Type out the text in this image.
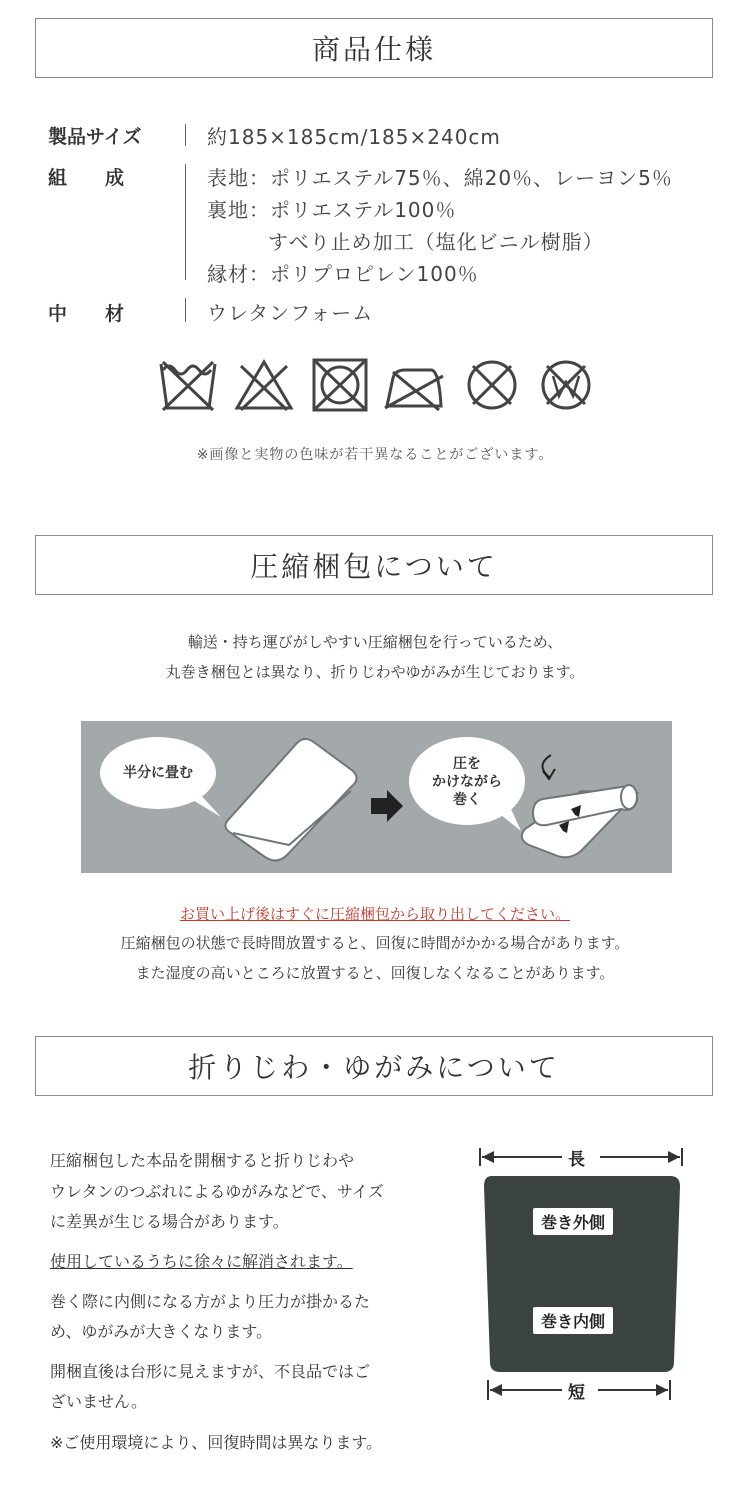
商品仕様
製品サイズ	約185×185cm/185×240cm
組　　成	表地：ポリエステル75％、綿20％、レーヨン5％
裏地：ポリエステル100％
すべり止め加工（塩化ビニル樹脂）
縁材：ポリプロピレン100％
中　　材	ウレタンフォーム
※画像と実物の色味が若干異なることがございます。
圧縮梱包について
輸送・持ち運びがしやすい圧縮梱包を行っているため、
丸巻き梱包とは異なり、折りじわやゆがみが生じております。
半分に畳む
圧を
かけながら
巻く
お買い上げ後はすぐに圧縮梱包から取り出してください。
圧縮梱包の状態で長時間放置すると、回復に時間がかかる場合があります。
また湿度の高いところに放置すると、回復しなくなることがあります。
折りじわ・ゆがみについて
圧縮梱包した本品を開梱すると折りじわや
ウレタンのつぶれによるゆがみなどで、サイズ
に差異が生じる場合があります。
使用しているうちに徐々に解消されます。
巻く際に内側になる方がより圧力が掛かるた
め、ゆがみが大きくなります。
開梱直後は台形に見えますが、不良品ではご
ざいません。
※ご使用環境により、回復時間は異なります。
長
短
巻き外側
巻き内側
